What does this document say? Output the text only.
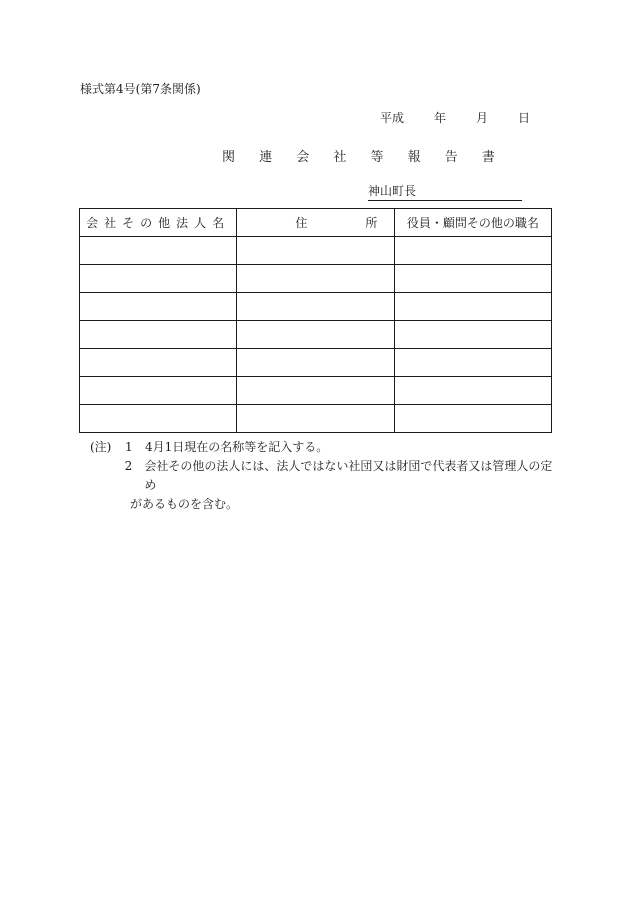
様式第4号(第7条関係)
平成 年 月 日
関 連 会 社 等 報 告 書
神山町長
会社その他法人名	住所	役員・顧問その他の職名

(注)	1	4月1日現在の名称等を記入する。
2	会社その他の法人には、法人ではない社団又は財団で代表者又は管理人の定め
があるものを含む。
